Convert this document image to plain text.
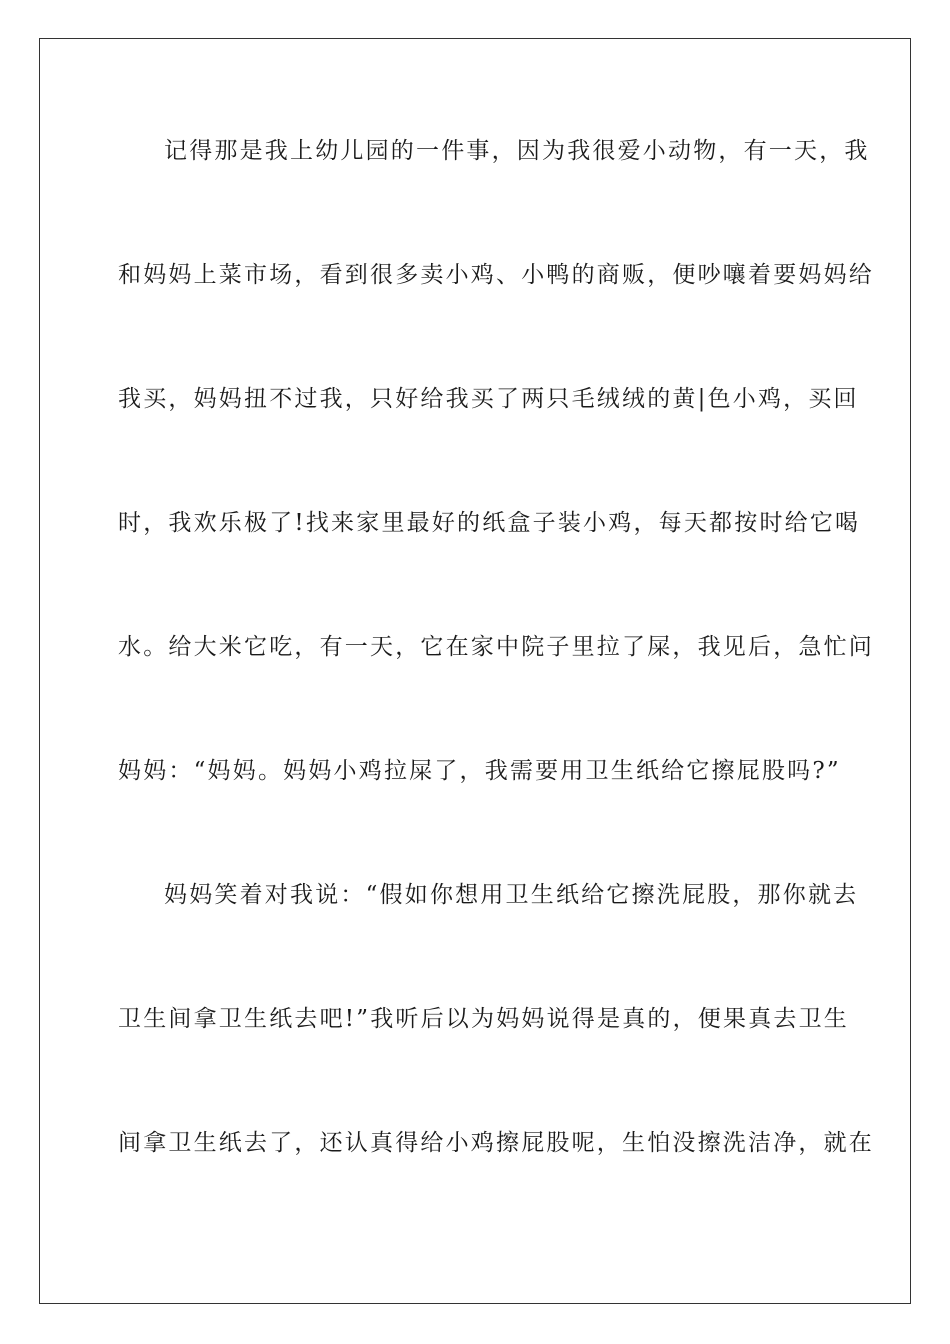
记得那是我上幼儿园的一件事，因为我很爱小动物，有一天，我
和妈妈上菜市场，看到很多卖小鸡、小鸭的商贩，便吵嚷着要妈妈给
我买，妈妈扭不过我，只好给我买了两只毛绒绒的黄|色小鸡，买回
时，我欢乐极了!找来家里最好的纸盒子装小鸡，每天都按时给它喝
水。给大米它吃，有一天，它在家中院子里拉了屎，我见后，急忙问
妈妈：“妈妈。妈妈小鸡拉屎了，我需要用卫生纸给它擦屁股吗?”
妈妈笑着对我说：“假如你想用卫生纸给它擦洗屁股，那你就去
卫生间拿卫生纸去吧!”我听后以为妈妈说得是真的，便果真去卫生
间拿卫生纸去了，还认真得给小鸡擦屁股呢，生怕没擦洗洁净，就在
